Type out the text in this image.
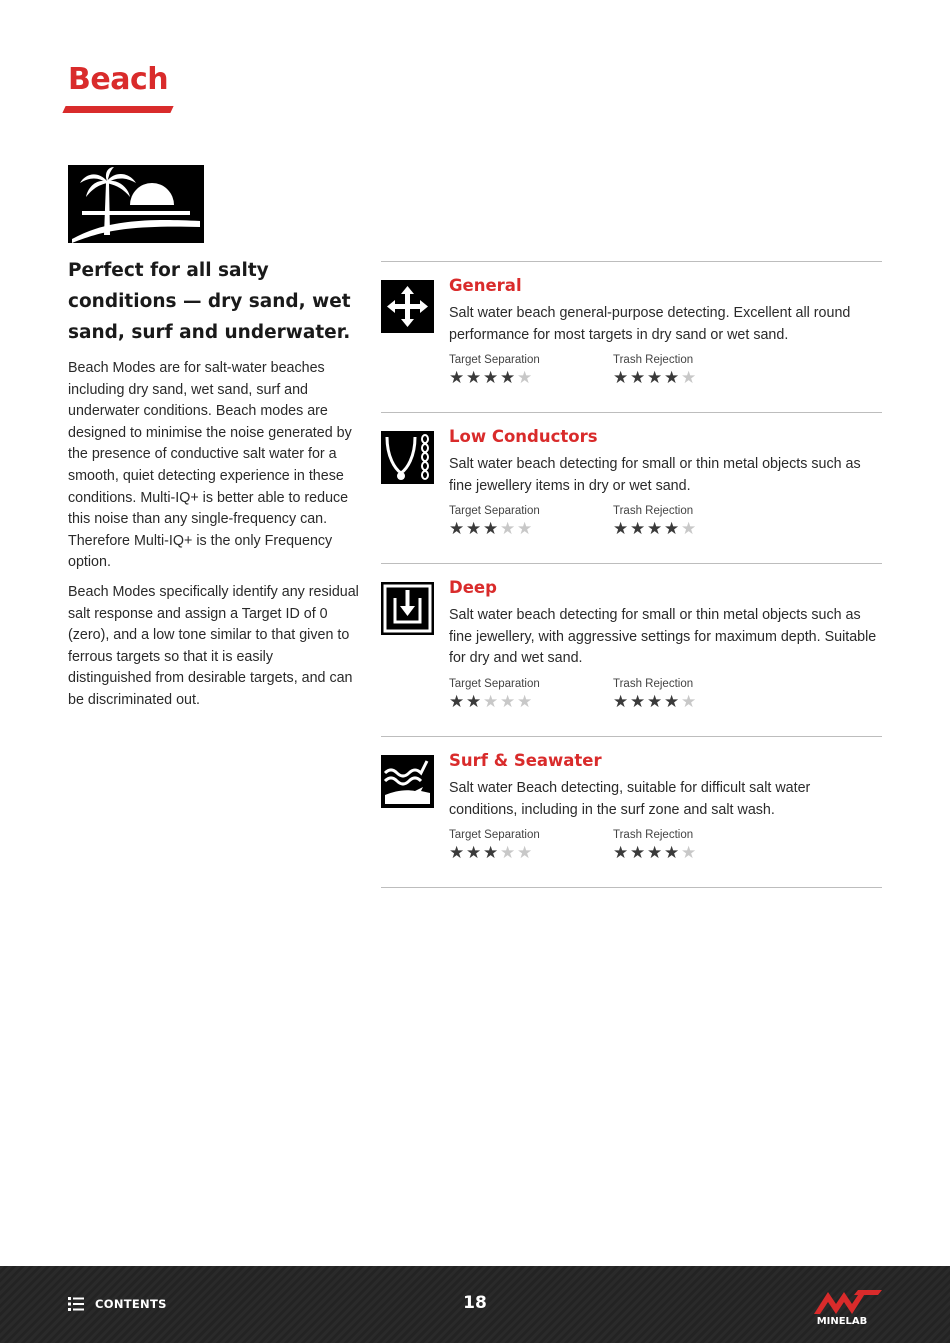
Beach

Perfect for all salty conditions — dry sand, wet sand, surf and underwater.

Beach Modes are for salt-water beaches including dry sand, wet sand, surf and underwater conditions. Beach modes are designed to minimise the noise generated by the presence of conductive salt water for a smooth, quiet detecting experience in these conditions. Multi-IQ+ is better able to reduce this noise than any single-frequency can. Therefore Multi-IQ+ is the only Frequency option.

Beach Modes specifically identify any residual salt response and assign a Target ID of 0 (zero), and a low tone similar to that given to ferrous targets so that it is easily distinguished from desirable targets, and can be discriminated out.

General

Salt water beach general-purpose detecting. Excellent all round performance for most targets in dry sand or wet sand.

Target Separation
★★★★★
Trash Rejection
★★★★★
Low Conductors

Salt water beach detecting for small or thin metal objects such as fine jewellery items in dry or wet sand.

Target Separation
★★★★★
Trash Rejection
★★★★★
Deep

Salt water beach detecting for small or thin metal objects such as fine jewellery, with aggressive settings for maximum depth. Suitable for dry and wet sand.

Target Separation
★★★★★
Trash Rejection
★★★★★
Surf & Seawater

Salt water Beach detecting, suitable for difficult salt water conditions, including in the surf zone and salt wash.

Target Separation
★★★★★
Trash Rejection
★★★★★
CONTENTS	18
MINELAB
